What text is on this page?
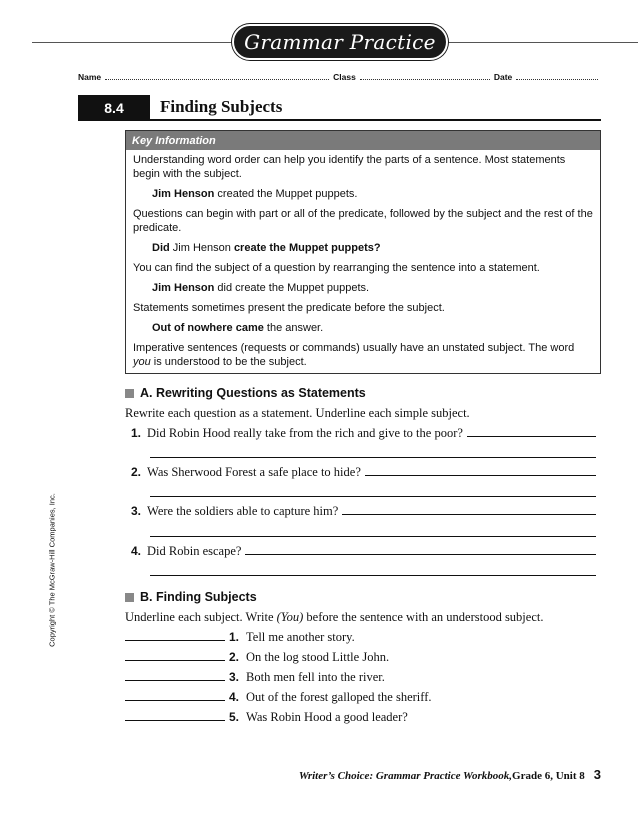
Grammar Practice
Name	Class	Date
8.4	Finding Subjects
Key Information

Understanding word order can help you identify the parts of a sentence. Most statements begin with the subject.

Jim Henson created the Muppet puppets.

Questions can begin with part or all of the predicate, followed by the subject and the rest of the predicate.

Did Jim Henson create the Muppet puppets?

You can find the subject of a question by rearranging the sentence into a statement.

Jim Henson did create the Muppet puppets.

Statements sometimes present the predicate before the subject.

Out of nowhere came the answer.

Imperative sentences (requests or commands) usually have an unstated subject. The word you is understood to be the subject.

A. Rewriting Questions as Statements
Rewrite each question as a statement. Underline each simple subject.
1. Did Robin Hood really take from the rich and give to the poor?
2. Was Sherwood Forest a safe place to hide?
3. Were the soldiers able to capture him?
4. Did Robin escape?
B. Finding Subjects
Underline each subject. Write (You) before the sentence with an understood subject.
1. Tell me another story.
2. On the log stood Little John.
3. Both men fell into the river.
4. Out of the forest galloped the sheriff.
5. Was Robin Hood a good leader?
Copyright © The McGraw-Hill Companies, Inc.
Writer’s Choice: Grammar Practice Workbook, Grade 6, Unit 8 3
